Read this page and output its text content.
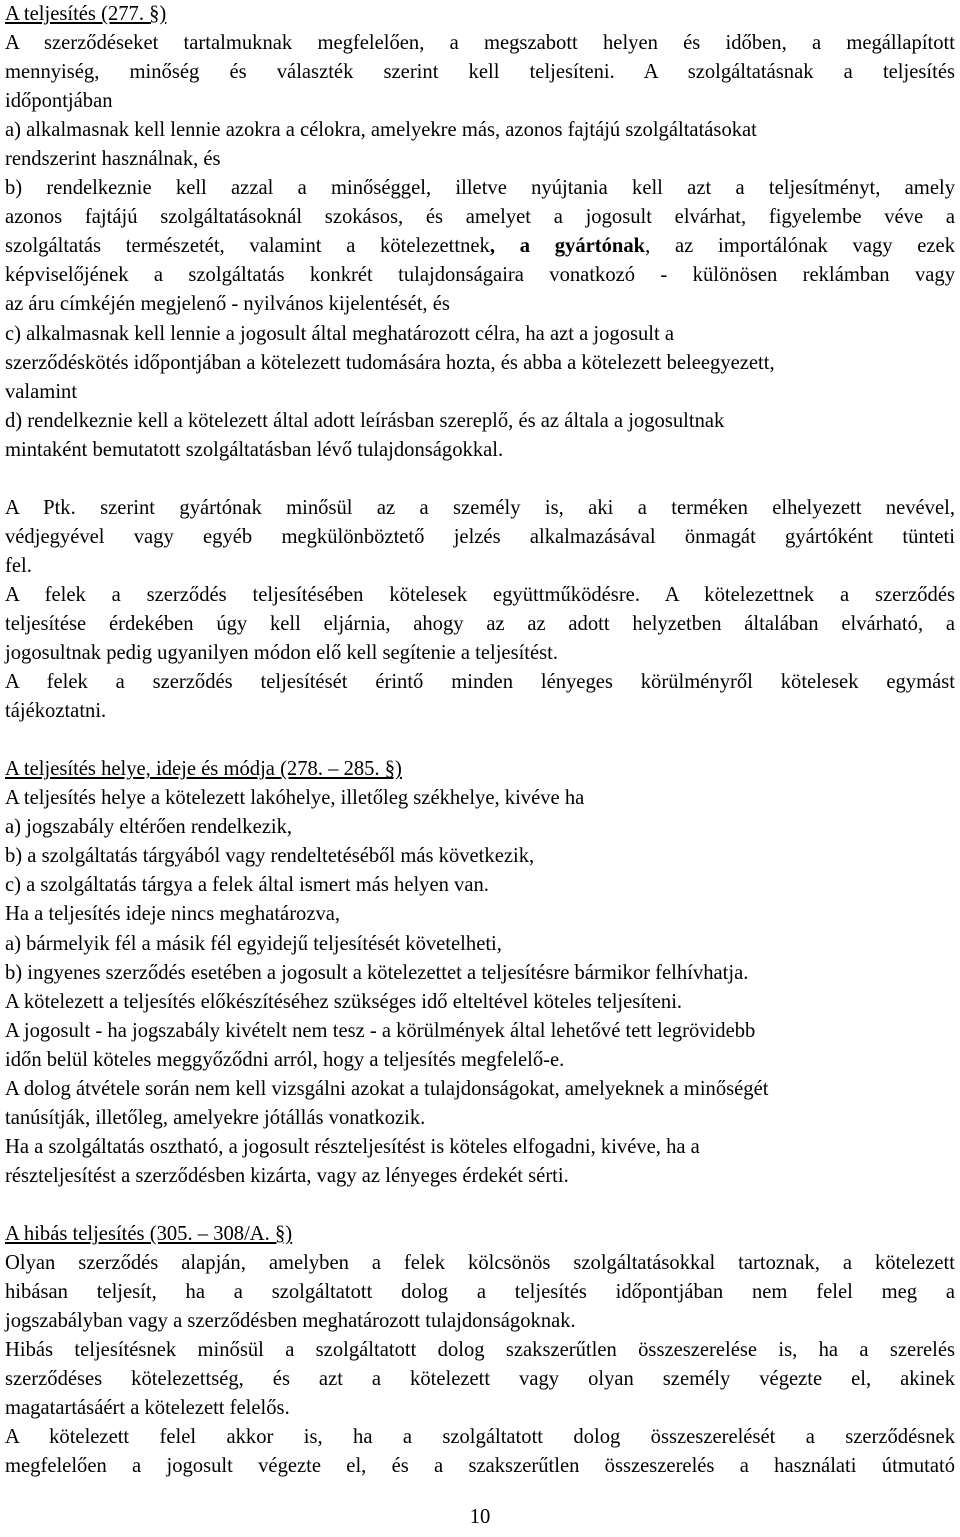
A teljesítés (277. §)
A szerződéseket tartalmuknak megfelelően, a megszabott helyen és időben, a megállapított
mennyiség, minőség és választék szerint kell teljesíteni. A szolgáltatásnak a teljesítés
időpontjában
a) alkalmasnak kell lennie azokra a célokra, amelyekre más, azonos fajtájú szolgáltatásokat
rendszerint használnak, és
b) rendelkeznie kell azzal a minőséggel, illetve nyújtania kell azt a teljesítményt, amely
azonos fajtájú szolgáltatásoknál szokásos, és amelyet a jogosult elvárhat, figyelembe véve a
szolgáltatás természetét, valamint a kötelezettnek, a gyártónak, az importálónak vagy ezek
képviselőjének a szolgáltatás konkrét tulajdonságaira vonatkozó - különösen reklámban vagy
az áru címkéjén megjelenő - nyilvános kijelentését, és
c) alkalmasnak kell lennie a jogosult által meghatározott célra, ha azt a jogosult a
szerződéskötés időpontjában a kötelezett tudomására hozta, és abba a kötelezett beleegyezett,
valamint
d) rendelkeznie kell a kötelezett által adott leírásban szereplő, és az általa a jogosultnak
mintaként bemutatott szolgáltatásban lévő tulajdonságokkal.
A Ptk. szerint gyártónak minősül az a személy is, aki a terméken elhelyezett nevével,
védjegyével vagy egyéb megkülönböztető jelzés alkalmazásával önmagát gyártóként tünteti
fel.
A felek a szerződés teljesítésében kötelesek együttműködésre. A kötelezettnek a szerződés
teljesítése érdekében úgy kell eljárnia, ahogy az az adott helyzetben általában elvárható, a
jogosultnak pedig ugyanilyen módon elő kell segítenie a teljesítést.
A felek a szerződés teljesítését érintő minden lényeges körülményről kötelesek egymást
tájékoztatni.
A teljesítés helye, ideje és módja (278. – 285. §)
A teljesítés helye a kötelezett lakóhelye, illetőleg székhelye, kivéve ha
a) jogszabály eltérően rendelkezik,
b) a szolgáltatás tárgyából vagy rendeltetéséből más következik,
c) a szolgáltatás tárgya a felek által ismert más helyen van.
Ha a teljesítés ideje nincs meghatározva,
a) bármelyik fél a másik fél egyidejű teljesítését követelheti,
b) ingyenes szerződés esetében a jogosult a kötelezettet a teljesítésre bármikor felhívhatja.
A kötelezett a teljesítés előkészítéséhez szükséges idő elteltével köteles teljesíteni.
A jogosult - ha jogszabály kivételt nem tesz - a körülmények által lehetővé tett legrövidebb
időn belül köteles meggyőződni arról, hogy a teljesítés megfelelő-e.
A dolog átvétele során nem kell vizsgálni azokat a tulajdonságokat, amelyeknek a minőségét
tanúsítják, illetőleg, amelyekre jótállás vonatkozik.
Ha a szolgáltatás osztható, a jogosult részteljesítést is köteles elfogadni, kivéve, ha a
részteljesítést a szerződésben kizárta, vagy az lényeges érdekét sérti.
A hibás teljesítés (305. – 308/A. §)
Olyan szerződés alapján, amelyben a felek kölcsönös szolgáltatásokkal tartoznak, a kötelezett
hibásan teljesít, ha a szolgáltatott dolog a teljesítés időpontjában nem felel meg a
jogszabályban vagy a szerződésben meghatározott tulajdonságoknak.
Hibás teljesítésnek minősül a szolgáltatott dolog szakszerűtlen összeszerelése is, ha a szerelés
szerződéses kötelezettség, és azt a kötelezett vagy olyan személy végezte el, akinek
magatartásáért a kötelezett felelős.
A kötelezett felel akkor is, ha a szolgáltatott dolog összeszerelését a szerződésnek
megfelelően a jogosult végezte el, és a szakszerűtlen összeszerelés a használati útmutató
10
